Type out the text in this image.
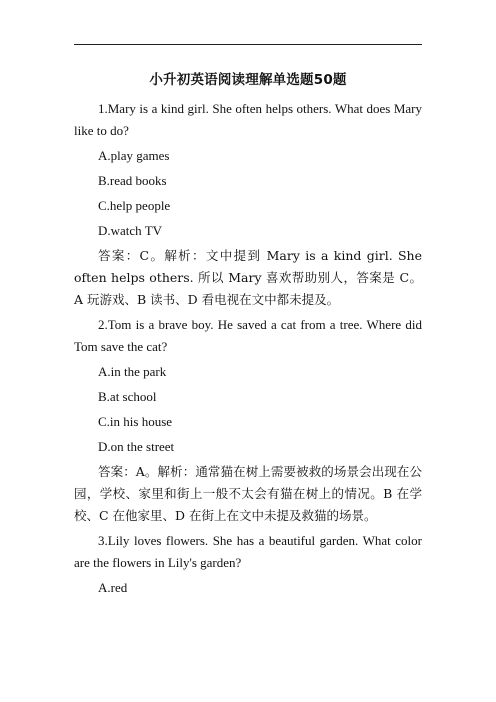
小升初英语阅读理解单选题50题

1.Mary is a kind girl. She often helps others. What does Mary like to do?

A.play games

B.read books

C.help people

D.watch TV

答案：C。解析：文中提到 Mary is a kind girl. She often helps others. 所以 Mary 喜欢帮助别人，答案是 C。A 玩游戏、B 读书、D 看电视在文中都未提及。

2.Tom is a brave boy. He saved a cat from a tree. Where did Tom save the cat?

A.in the park

B.at school

C.in his house

D.on the street

答案：A。解析：通常猫在树上需要被救的场景会出现在公园，学校、家里和街上一般不太会有猫在树上的情况。B 在学校、C 在他家里、D 在街上在文中未提及救猫的场景。

3.Lily loves flowers. She has a beautiful garden. What color are the flowers in Lily's garden?

A.red
